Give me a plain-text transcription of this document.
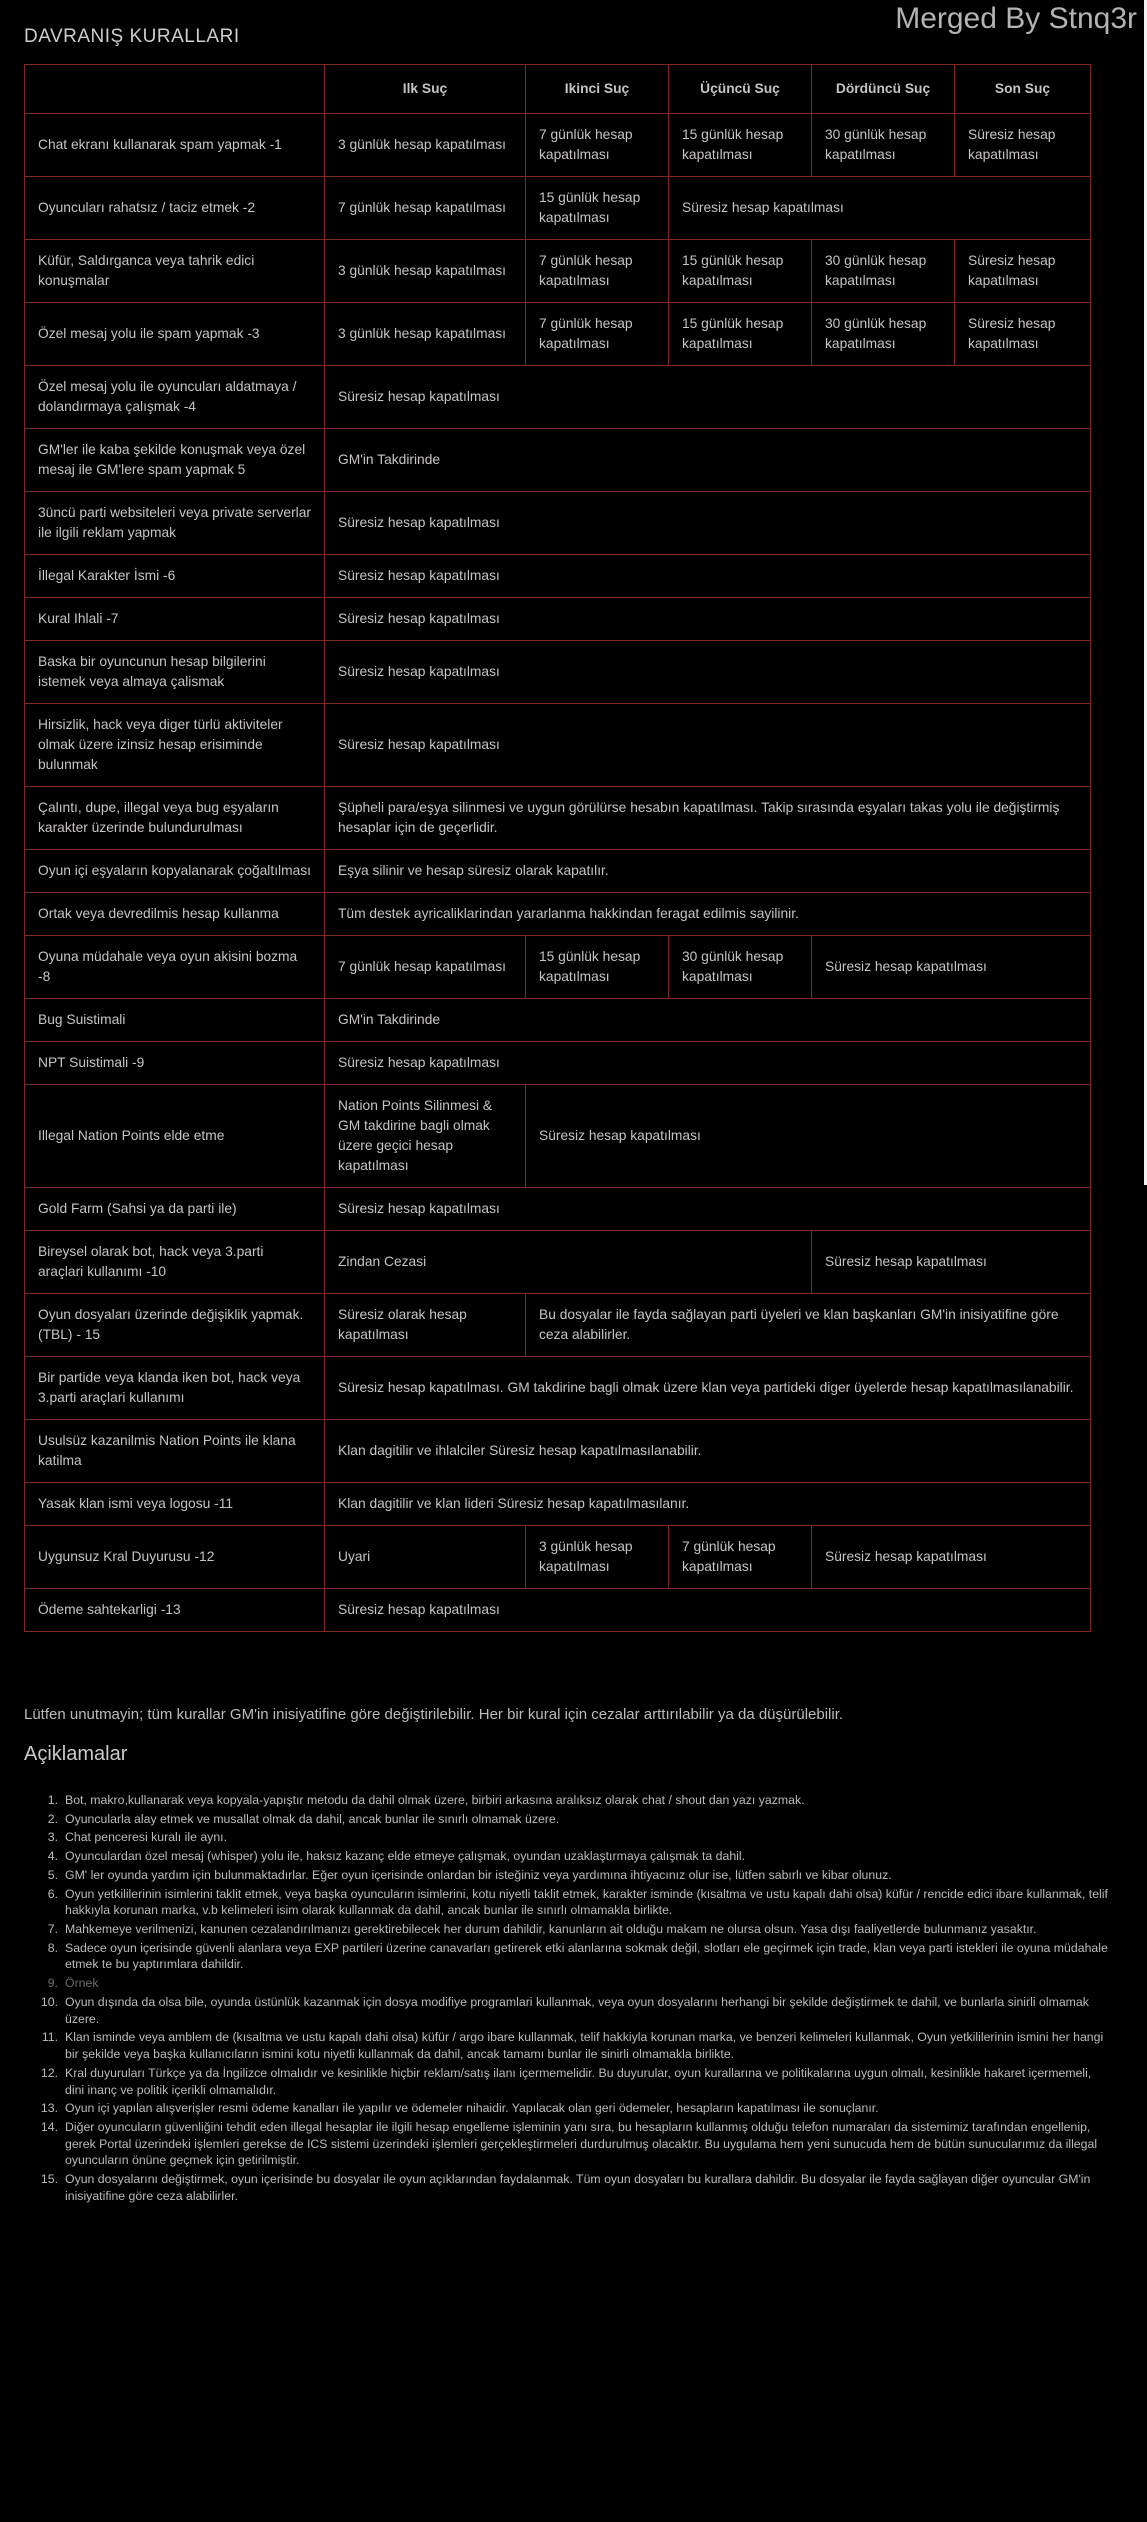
DAVRANIŞ KURALLARI
Merged By Stnq3r
	Ilk Suç	Ikinci Suç	Üçüncü Suç	Dördüncü Suç	Son Suç
Chat ekranı kullanarak spam yapmak -1	3 günlük hesap kapatılması	7 günlük hesap kapatılması	15 günlük hesap kapatılması	30 günlük hesap kapatılması	Süresiz hesap kapatılması
Oyuncuları rahatsız / taciz etmek -2	7 günlük hesap kapatılması	15 günlük hesap kapatılması	Süresiz hesap kapatılması		
Küfür, Saldırganca veya tahrik edici konuşmalar	3 günlük hesap kapatılması	7 günlük hesap kapatılması	15 günlük hesap kapatılması	30 günlük hesap kapatılması	Süresiz hesap kapatılması
Özel mesaj yolu ile spam yapmak -3	3 günlük hesap kapatılması	7 günlük hesap kapatılması	15 günlük hesap kapatılması	30 günlük hesap kapatılması	Süresiz hesap kapatılması
Özel mesaj yolu ile oyuncuları aldatmaya / dolandırmaya çalışmak -4	Süresiz hesap kapatılması				
GM'ler ile kaba şekilde konuşmak veya özel mesaj ile GM'lere spam yapmak 5	GM'in Takdirinde				
3üncü parti websiteleri veya private serverlar ile ilgili reklam yapmak	Süresiz hesap kapatılması				
İllegal Karakter İsmi -6	Süresiz hesap kapatılması				
Kural Ihlali -7	Süresiz hesap kapatılması				
Baska bir oyuncunun hesap bilgilerini istemek veya almaya çalismak	Süresiz hesap kapatılması				
Hirsizlik, hack veya diger türlü aktiviteler olmak üzere izinsiz hesap erisiminde bulunmak	Süresiz hesap kapatılması				
Çalıntı, dupe, illegal veya bug eşyaların karakter üzerinde bulundurulması	Şüpheli para/eşya silinmesi ve uygun görülürse hesabın kapatılması. Takip sırasında eşyaları takas yolu ile değiştirmiş hesaplar için de geçerlidir.				
Oyun içi eşyaların kopyalanarak çoğaltılması	Eşya silinir ve hesap süresiz olarak kapatılır.				
Ortak veya devredilmis hesap kullanma	Tüm destek ayricaliklarindan yararlanma hakkindan feragat edilmis sayilinir.				
Oyuna müdahale veya oyun akisini bozma -8	7 günlük hesap kapatılması	15 günlük hesap kapatılması	30 günlük hesap kapatılması	Süresiz hesap kapatılması	
Bug Suistimali	GM'in Takdirinde				
NPT Suistimali -9	Süresiz hesap kapatılması				
Illegal Nation Points elde etme	Nation Points Silinmesi & GM takdirine bagli olmak üzere geçici hesap kapatılması	Süresiz hesap kapatılması			
Gold Farm (Sahsi ya da parti ile)	Süresiz hesap kapatılması				
Bireysel olarak bot, hack veya 3.parti araçlari kullanımı -10	Zindan Cezasi			Süresiz hesap kapatılması	
Oyun dosyaları üzerinde değişiklik yapmak. (TBL) - 15	Süresiz olarak hesap kapatılması	Bu dosyalar ile fayda sağlayan parti üyeleri ve klan başkanları GM'in inisiyatifine göre ceza alabilirler.			
Bir partide veya klanda iken bot, hack veya 3.parti araçlari kullanımı	Süresiz hesap kapatılması. GM takdirine bagli olmak üzere klan veya partideki diger üyelerde hesap kapatılmasılanabilir.				
Usulsüz kazanilmis Nation Points ile klana katilma	Klan dagitilir ve ihlalciler Süresiz hesap kapatılmasılanabilir.				
Yasak klan ismi veya logosu -11	Klan dagitilir ve klan lideri Süresiz hesap kapatılmasılanır.				
Uygunsuz Kral Duyurusu -12	Uyari	3 günlük hesap kapatılması	7 günlük hesap kapatılması	Süresiz hesap kapatılması	
Ödeme sahtekarligi -13	Süresiz hesap kapatılması				
Lütfen unutmayin; tüm kurallar GM'in inisiyatifine göre değiştirilebilir. Her bir kural için cezalar arttırılabilir ya da düşürülebilir.
Açiklamalar
1. Bot, makro,kullanarak veya kopyala-yapıştır metodu da dahil olmak üzere, birbiri arkasına aralıksız olarak chat / shout dan yazı yazmak.
2. Oyuncularla alay etmek ve musallat olmak da dahil, ancak bunlar ile sınırlı olmamak üzere.
3. Chat penceresi kuralı ile aynı.
4. Oyunculardan özel mesaj (whisper) yolu ile, haksız kazanç elde etmeye çalışmak, oyundan uzaklaştırmaya çalışmak ta dahil.
5. GM' ler oyunda yardım için bulunmaktadırlar. Eğer oyun içerisinde onlardan bir isteğiniz veya yardımına ihtiyacınız olur ise, lütfen sabırlı ve kibar olunuz.
6. Oyun yetkililerinin isimlerini taklit etmek, veya başka oyuncuların isimlerini, kotu niyetli taklit etmek, karakter isminde (kısaltma ve ustu kapalı dahi olsa) küfür / rencide edici ibare kullanmak, telif hakkıyla korunan marka, v.b kelimeleri isim olarak kullanmak da dahil, ancak bunlar ile sınırlı olmamakla birlikte.
7. Mahkemeye verilmenizi, kanunen cezalandırılmanızı gerektirebilecek her durum dahildir, kanunların ait olduğu makam ne olursa olsun. Yasa dışı faaliyetlerde bulunmanız yasaktır.
8. Sadece oyun içerisinde güvenli alanlara veya EXP partileri üzerine canavarları getirerek etki alanlarına sokmak değil, slotları ele geçirmek için trade, klan veya parti istekleri ile oyuna müdahale etmek te bu yaptırımlara dahildir.
9. Örnek
10. Oyun dışında da olsa bile, oyunda üstünlük kazanmak için dosya modifiye programlari kullanmak, veya oyun dosyalarını herhangi bir şekilde değiştirmek te dahil, ve bunlarla sinirli olmamak üzere.
11. Klan isminde veya amblem de (kısaltma ve ustu kapalı dahi olsa) küfür / argo ibare kullanmak, telif hakkiyla korunan marka, ve benzeri kelimeleri kullanmak, Oyun yetkililerinin ismini her hangi bir şekilde veya başka kullanıcıların ismini kotu niyetli kullanmak da dahil, ancak tamamı bunlar ile sinirli olmamakla birlikte.
12. Kral duyuruları Türkçe ya da İngilizce olmalıdır ve kesinlikle hiçbir reklam/satış ilanı içermemelidir. Bu duyurular, oyun kurallarına ve politikalarına uygun olmalı, kesinlikle hakaret içermemeli, dini inanç ve politik içerikli olmamalıdır.
13. Oyun içi yapılan alışverişler resmi ödeme kanalları ile yapılır ve ödemeler nihaidir. Yapılacak olan geri ödemeler, hesapların kapatılması ile sonuçlanır.
14. Diğer oyuncuların güvenliğini tehdit eden illegal hesaplar ile ilgili hesap engelleme işleminin yanı sıra, bu hesapların kullanmış olduğu telefon numaraları da sistemimiz tarafından engellenip, gerek Portal üzerindeki işlemleri gerekse de ICS sistemi üzerindeki işlemleri gerçekleştirmeleri durdurulmuş olacaktır. Bu uygulama hem yeni sunucuda hem de bütün sunucularımız da illegal oyuncuların önüne geçmek için getirilmiştir.
15. Oyun dosyalarını değiştirmek, oyun içerisinde bu dosyalar ile oyun açıklarından faydalanmak. Tüm oyun dosyaları bu kurallara dahildir. Bu dosyalar ile fayda sağlayan diğer oyuncular GM'in inisiyatifine göre ceza alabilirler.
